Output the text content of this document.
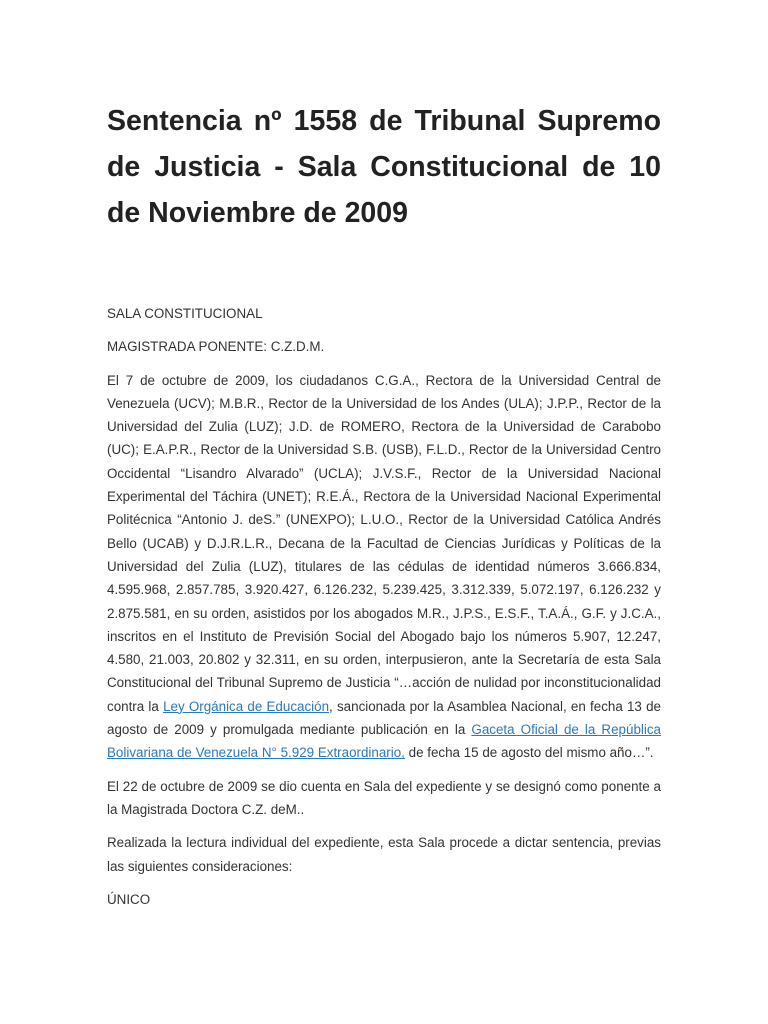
Sentencia nº 1558 de Tribunal Supremo de Justicia - Sala Constitucional de 10 de Noviembre de 2009

SALA CONSTITUCIONAL

MAGISTRADA PONENTE: C.Z.D.M.

El 7 de octubre de 2009, los ciudadanos C.G.A., Rectora de la Universidad Central de Venezuela (UCV); M.B.R., Rector de la Universidad de los Andes (ULA); J.P.P., Rector de la Universidad del Zulia (LUZ); J.D. de ROMERO, Rectora de la Universidad de Carabobo (UC); E.A.P.R., Rector de la Universidad S.B. (USB), F.L.D., Rector de la Universidad Centro Occidental “Lisandro Alvarado” (UCLA); J.V.S.F., Rector de la Universidad Nacional Experimental del Táchira (UNET); R.E.Á., Rectora de la Universidad Nacional Experimental Politécnica “Antonio J. deS.” (UNEXPO); L.U.O., Rector de la Universidad Católica Andrés Bello (UCAB) y D.J.R.L.R., Decana de la Facultad de Ciencias Jurídicas y Políticas de la Universidad del Zulia (LUZ), titulares de las cédulas de identidad números 3.666.834, 4.595.968, 2.857.785, 3.920.427, 6.126.232, 5.239.425, 3.312.339, 5.072.197, 6.126.232 y 2.875.581, en su orden, asistidos por los abogados M.R., J.P.S., E.S.F., T.A.Á., G.F. y J.C.A., inscritos en el Instituto de Previsión Social del Abogado bajo los números 5.907, 12.247, 4.580, 21.003, 20.802 y 32.311, en su orden, interpusieron, ante la Secretaría de esta Sala Constitucional del Tribunal Supremo de Justicia “…acción de nulidad por inconstitucionalidad contra la Ley Orgánica de Educación, sancionada por la Asamblea Nacional, en fecha 13 de agosto de 2009 y promulgada mediante publicación en la Gaceta Oficial de la República Bolivariana de Venezuela N° 5.929 Extraordinario, de fecha 15 de agosto del mismo año…”.

El 22 de octubre de 2009 se dio cuenta en Sala del expediente y se designó como ponente a la Magistrada Doctora C.Z. deM..

Realizada la lectura individual del expediente, esta Sala procede a dictar sentencia, previas las siguientes consideraciones:

ÚNICO
